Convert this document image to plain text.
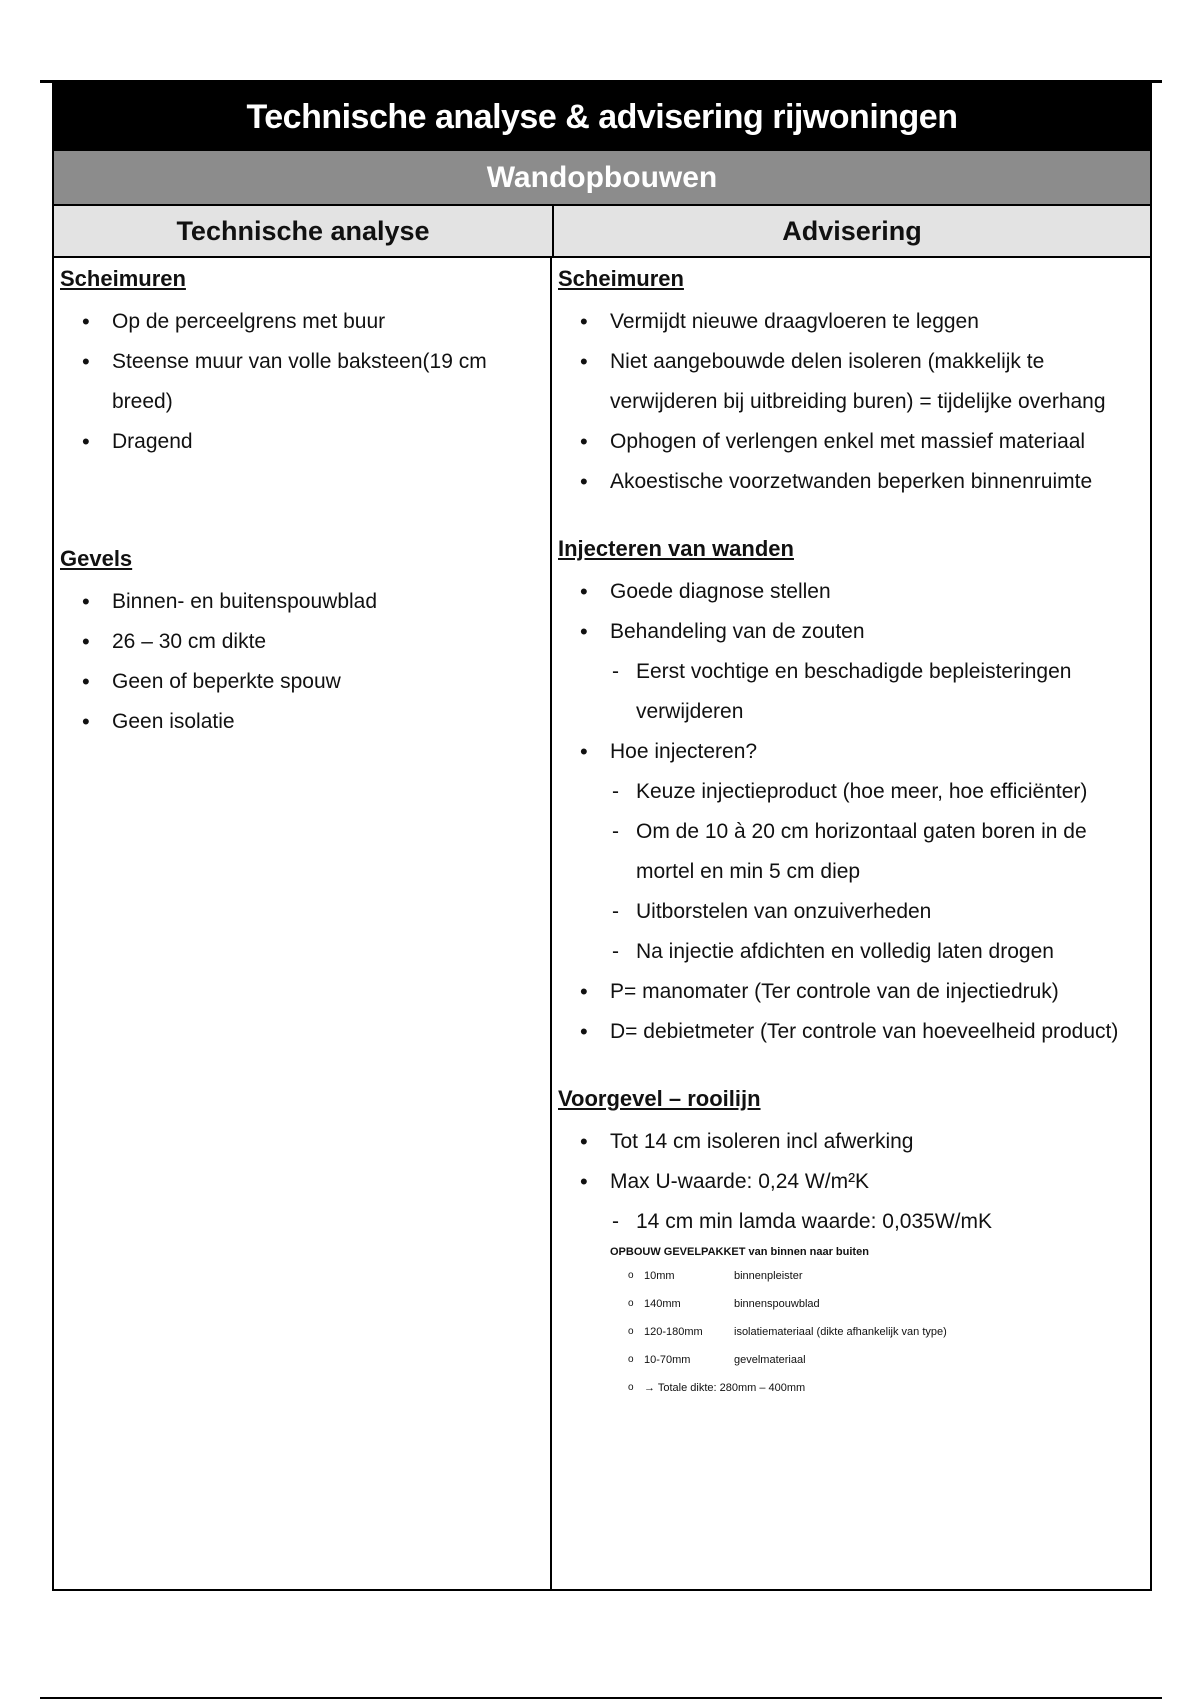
Technische analyse & advisering rijwoningen
Wandopbouwen
Technische analyse	Advisering
Scheimuren
• Op de perceelgrens met buur
• Steense muur van volle baksteen(19 cm breed)
• Dragend
Gevels
• Binnen- en buitenspouwblad
• 26 – 30 cm dikte
• Geen of beperkte spouw
• Geen isolatie
Scheimuren
• Vermijdt nieuwe draagvloeren te leggen
• Niet aangebouwde delen isoleren (makkelijk te verwijderen bij uitbreiding buren) = tijdelijke overhang
• Ophogen of verlengen enkel met massief materiaal
• Akoestische voorzetwanden beperken binnenruimte
Injecteren van wanden
• Goede diagnose stellen
• Behandeling van de zouten
- Eerst vochtige en beschadigde bepleisteringen verwijderen
• Hoe injecteren?
- Keuze injectieproduct (hoe meer, hoe efficiënter)
- Om de 10 à 20 cm horizontaal gaten boren in de mortel en min 5 cm diep
- Uitborstelen van onzuiverheden
- Na injectie afdichten en volledig laten drogen
• P= manomater (Ter controle van de injectiedruk)
• D= debietmeter (Ter controle van hoeveelheid product)
Voorgevel – rooilijn
• Tot 14 cm isoleren incl afwerking
• Max U-waarde: 0,24 W/m²K
- 14 cm min lamda waarde: 0,035W/mK
OPBOUW GEVELPAKKET van binnen naar buiten
o 10mm	binnenpleister
o 140mm	binnenspouwblad
o 120-180mm	isolatiemateriaal (dikte afhankelijk van type)
o 10-70mm	gevelmateriaal
o → Totale dikte: 280mm – 400mm
